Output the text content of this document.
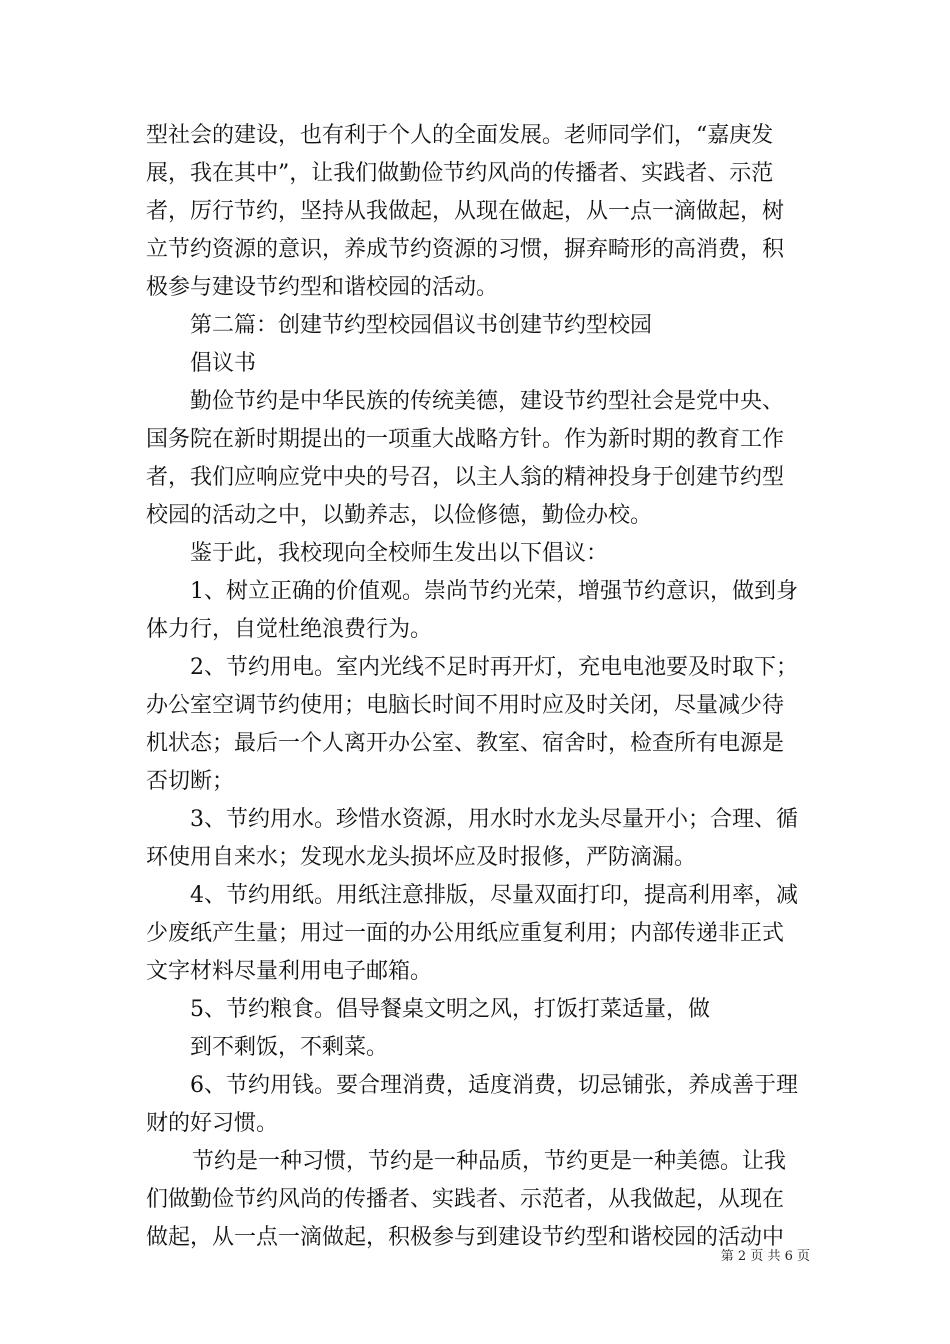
型社会的建设，也有利于个人的全面发展。老师同学们，“嘉庚发
展，我在其中”，让我们做勤俭节约风尚的传播者、实践者、示范
者，厉行节约，坚持从我做起，从现在做起，从一点一滴做起，树
立节约资源的意识，养成节约资源的习惯，摒弃畸形的高消费，积
极参与建设节约型和谐校园的活动。
第二篇：创建节约型校园倡议书创建节约型校园
倡议书
勤俭节约是中华民族的传统美德，建设节约型社会是党中央、
国务院在新时期提出的一项重大战略方针。作为新时期的教育工作
者，我们应响应党中央的号召，以主人翁的精神投身于创建节约型
校园的活动之中，以勤养志，以俭修德，勤俭办校。
鉴于此，我校现向全校师生发出以下倡议：
1、树立正确的价值观。崇尚节约光荣，增强节约意识，做到身
体力行，自觉杜绝浪费行为。
2、节约用电。室内光线不足时再开灯，充电电池要及时取下；
办公室空调节约使用；电脑长时间不用时应及时关闭，尽量减少待
机状态；最后一个人离开办公室、教室、宿舍时，检查所有电源是
否切断；
3、节约用水。珍惜水资源，用水时水龙头尽量开小；合理、循
环使用自来水；发现水龙头损坏应及时报修，严防滴漏。
4、节约用纸。用纸注意排版，尽量双面打印，提高利用率，减
少废纸产生量；用过一面的办公用纸应重复利用；内部传递非正式
文字材料尽量利用电子邮箱。
5、节约粮食。倡导餐桌文明之风，打饭打菜适量，做
到不剩饭，不剩菜。
6、节约用钱。要合理消费，适度消费，切忌铺张，养成善于理
财的好习惯。
节约是一种习惯，节约是一种品质，节约更是一种美德。让我
们做勤俭节约风尚的传播者、实践者、示范者，从我做起，从现在
做起，从一点一滴做起，积极参与到建设节约型和谐校园的活动中
第 2 页 共 6 页
